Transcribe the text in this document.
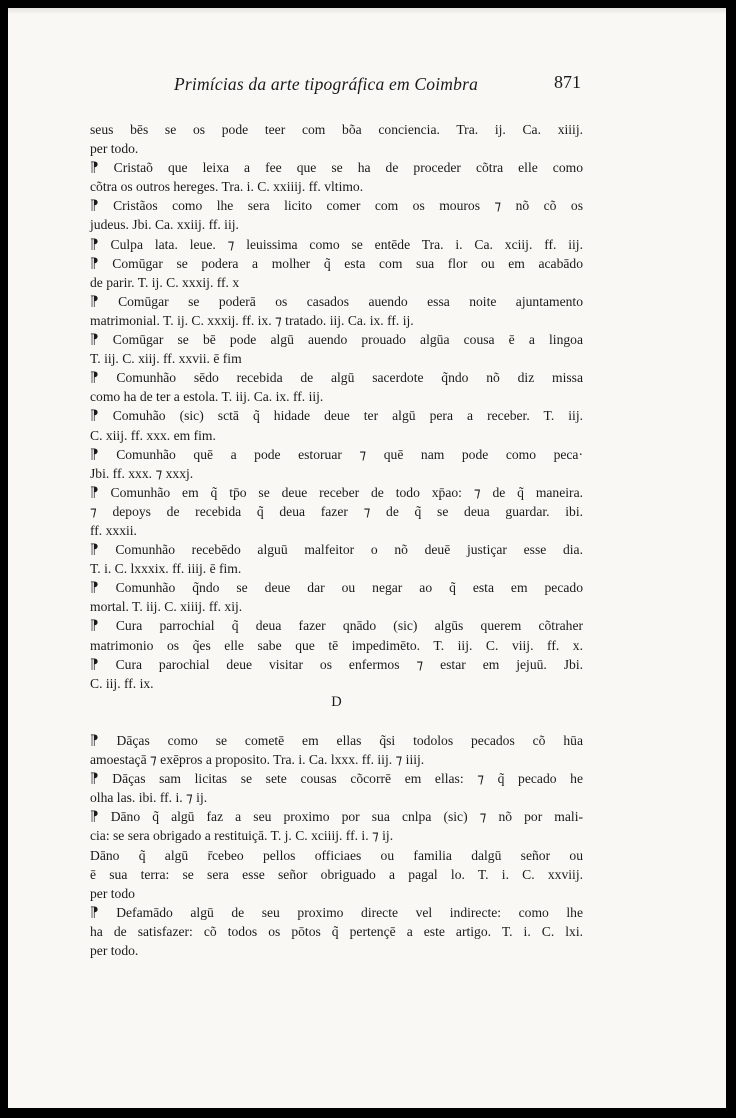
Primícias da arte tipográfica em Coimbra	871
seus bēs se os pode teer com bõa conciencia. Tra. ij. Ca. xiiij.
per todo.
⁋ Cristaõ que leixa a fee que se ha de proceder cõtra elle como
cõtra os outros hereges. Tra. i. C. xxiiij. ff. vltimo.
⁋ Cristãos como lhe sera licito comer com os mouros ⁊ nõ cõ os
judeus. Jbi. Ca. xxiij. ff. iij.
⁋ Culpa lata. leue. ⁊ leuissima como se entēde Tra. i. Ca. xciij. ff. iij.
⁋ Comūgar se podera a molher q̃ esta com sua flor ou em acabādo
de parir. T. ij. C. xxxij. ff. x
⁋ Comūgar se poderā os casados auendo essa noite ajuntamento
matrimonial. T. ij. C. xxxij. ff. ix. ⁊ tratado. iij. Ca. ix. ff. ij.
⁋ Comūgar se bē pode algū auendo prouado algūa cousa ē a lingoa
T. iij. C. xiij. ff. xxvii. ē fim
⁋ Comunhão sēdo recebida de algū sacerdote q̃ndo nõ diz missa
como ha de ter a estola. T. iij. Ca. ix. ff. iij.
⁋ Comuhão (sic) sctā q̃ hidade deue ter algū pera a receber. T. iij.
C. xiij. ff. xxx. em fim.
⁋ Comunhão quē a pode estoruar ⁊ quē nam pode como peca·
Jbi. ff. xxx. ⁊ xxxj.
⁋ Comunhão em q̃ tp̄o se deue receber de todo xp̄ao: ⁊ de q̃ maneira.
⁊ depoys de recebida q̃ deua fazer ⁊ de q̃ se deua guardar. ibi.
ff. xxxii.
⁋ Comunhão recebēdo alguū malfeitor o nõ deuē justiçar esse dia.
T. i. C. lxxxix. ff. iiij. ē fim.
⁋ Comunhão q̃ndo se deue dar ou negar ao q̃ esta em pecado
mortal. T. iij. C. xiiij. ff. xij.
⁋ Cura parrochial q̃ deua fazer qnādo (sic) algūs querem cõtraher
matrimonio os q̃es elle sabe que tē impedimēto. T. iij. C. viij. ff. x.
⁋ Cura parochial deue visitar os enfermos ⁊ estar em jejuū. Jbi.
C. iij. ff. ix.
D
⁋ Dāças como se cometē em ellas q̃si todolos pecados cõ hūa
amoestaçā ⁊ exēpros a proposito. Tra. i. Ca. lxxx. ff. iij. ⁊ iiij.
⁋ Dāças sam licitas se sete cousas cõcorrē em ellas: ⁊ q̃ pecado he
olha las. ibi. ff. i. ⁊ ij.
⁋ Dāno q̃ algū faz a seu proximo por sua cnlpa (sic) ⁊ nõ por mali-
cia: se sera obrigado a restituiçā. T. j. C. xciiij. ff. i. ⁊ ij.
Dāno q̃ algū r̄cebeo pellos officiaes ou familia dalgū señor ou
ē sua terra: se sera esse señor obriguado a pagal lo. T. i. C. xxviij.
per todo
⁋ Defamādo algū de seu proximo directe vel indirecte: como lhe
ha de satisfazer: cõ todos os pōtos q̃ pertençē a este artigo. T. i. C. lxi.
per todo.
